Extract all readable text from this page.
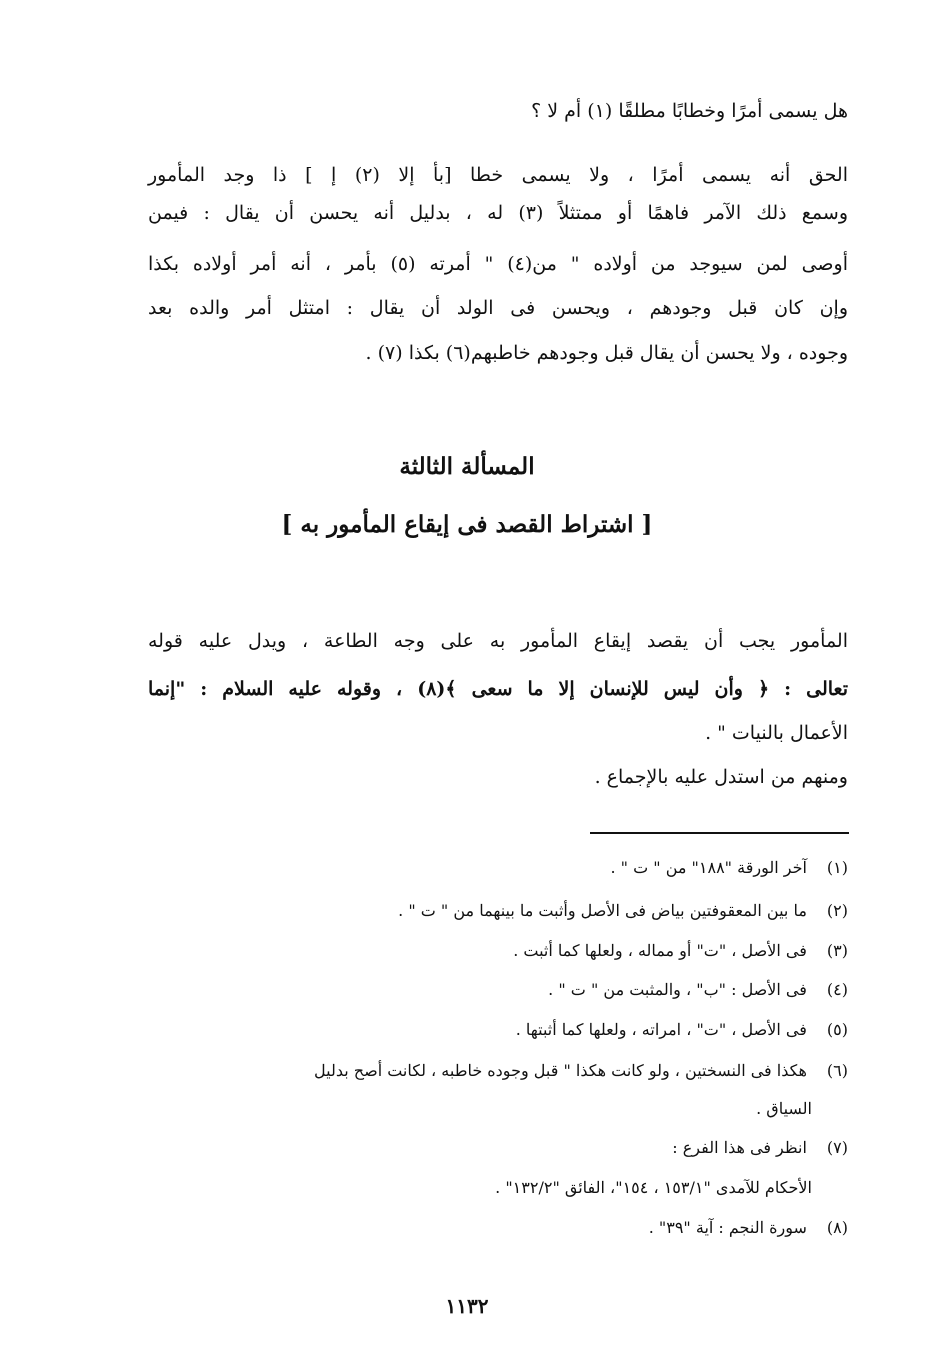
هل يسمى أمرًا وخطابًا مطلقًا (١) أم لا ؟
الحق أنه يسمى أمرًا ، ولا يسمى خطا [بأ إلا (٢) إ ] ذا وجد المأمور
وسمع ذلك الآمر فاهمًا أو ممتثلاً (٣) له ، بدليل أنه يحسن أن يقال : فيمن
أوصى لمن سيوجد من أولاده " من(٤) " أمرته (٥) بأمر ، أنه أمر أولاده بكذا
وإن كان قبل وجودهم ، ويحسن فى الولد أن يقال : امتثل أمر والده بعد
وجوده ، ولا يحسن أن يقال قبل وجودهم خاطبهم(٦) بكذا (٧) .
المسألة الثالثة
[ اشتراط القصد فى إيقاع المأمور به ]
المأمور يجب أن يقصد إيقاع المأمور به على وجه الطاعة ، ويدل عليه قوله
تعالى : ﴿ وأن ليس للإنسان إلا ما سعى ﴾(٨) ، وقوله عليه السلام : "إنما
الأعمال بالنيات " .
ومنهم من استدل عليه بالإجماع .
(١) آخر الورقة "١٨٨" من " ت " .
(٢) ما بين المعقوفتين بياض فى الأصل وأثبت ما بينهما من " ت " .
(٣) فى الأصل ، "ت" أو مماله ، ولعلها كما أثبت .
(٤) فى الأصل : "ب" ، والمثبت من " ت " .
(٥) فى الأصل ، "ت" ، امراته ، ولعلها كما أثبتها .
(٦) هكذا فى النسختين ، ولو كانت هكذا " قبل وجوده خاطبه ، لكانت أصح بدليل
السياق .
(٧) انظر فى هذا الفرع :
الأحكام للآمدى "١٥٣/١ ، ١٥٤"، الفائق "١٣٢/٢" .
(٨) سورة النجم : آية "٣٩" .
١١٣٢
